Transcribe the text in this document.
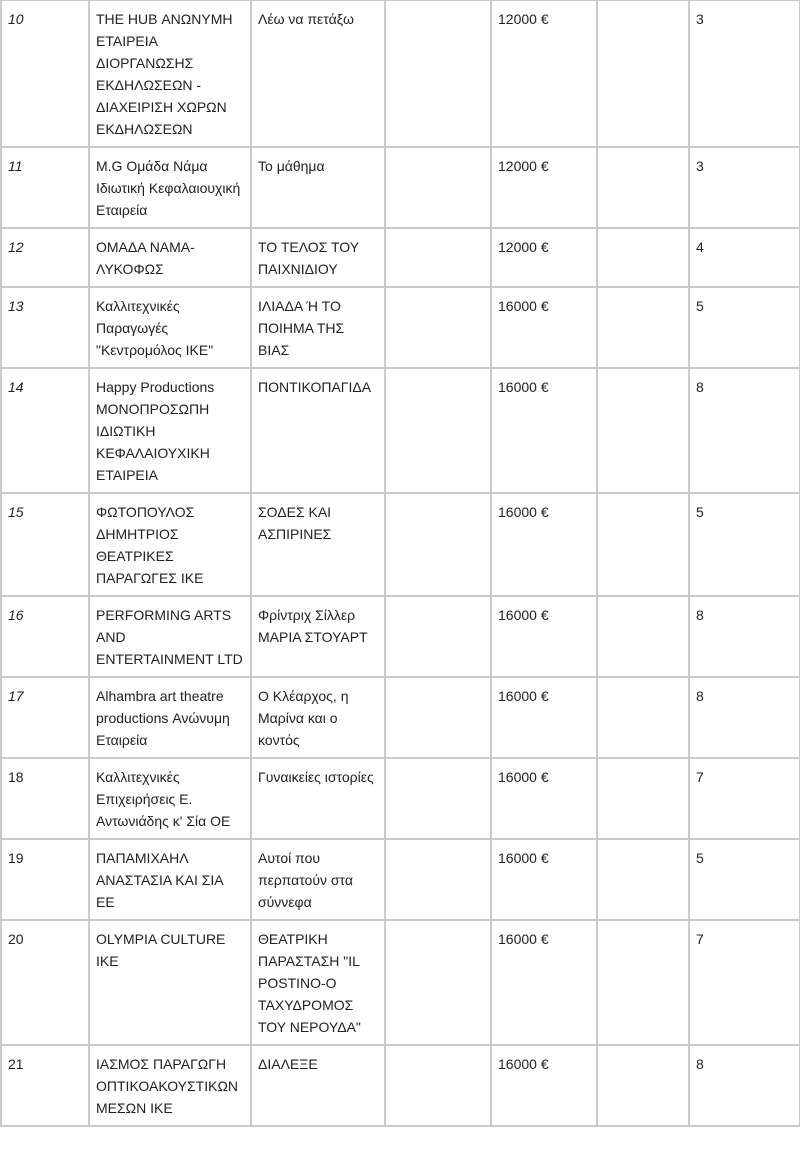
10	THE HUB ΑΝΩΝΥΜΗ ΕΤΑΙΡΕΙΑ ΔΙΟΡΓΑΝΩΣΗΣ ΕΚΔΗΛΩΣΕΩΝ - ΔΙΑΧΕΙΡΙΣΗ ΧΩΡΩΝ ΕΚΔΗΛΩΣΕΩΝ	Λέω να πετάξω		12000 €		3
11	M.G Ομάδα Νάμα Ιδιωτική Κεφαλαιουχική Εταιρεία	Το μάθημα		12000 €		3
12	ΟΜΑΔΑ ΝΑΜΑ-ΛΥΚΟΦΩΣ	ΤΟ ΤΕΛΟΣ ΤΟΥ ΠΑΙΧΝΙΔΙΟΥ		12000 €		4
13	Καλλιτεχνικές Παραγωγές "Κεντρομόλος ΙΚΕ"	ΙΛΙΑΔΑ Ή ΤΟ ΠΟΙΗΜΑ ΤΗΣ ΒΙΑΣ		16000 €		5
14	Happy Productions ΜΟΝΟΠΡΟΣΩΠΗ ΙΔΙΩΤΙΚΗ ΚΕΦΑΛΑΙΟΥΧΙΚΗ ΕΤΑΙΡΕΙΑ	ΠΟΝΤΙΚΟΠΑΓΙΔΑ		16000 €		8
15	ΦΩΤΟΠΟΥΛΟΣ ΔΗΜΗΤΡΙΟΣ ΘΕΑΤΡΙΚΕΣ ΠΑΡΑΓΩΓΕΣ ΙΚΕ	ΣΟΔΕΣ ΚΑΙ ΑΣΠΙΡΙΝΕΣ		16000 €		5
16	PERFORMING ARTS AND ENTERTAINMENT LTD	Φρίντριχ Σίλλερ ΜΑΡΙΑ ΣΤΟΥΑΡΤ		16000 €		8
17	Alhambra art theatre productions Ανώνυμη Εταιρεία	Ο Κλέαρχος, η Μαρίνα και ο κοντός		16000 €		8
18	Καλλιτεχνικές Επιχειρήσεις Ε. Αντωνιάδης κ' Σία ΟΕ	Γυναικείες ιστορίες		16000 €		7
19	ΠΑΠΑΜΙΧΑΗΛ ΑΝΑΣΤΑΣΙΑ ΚΑΙ ΣΙΑ ΕΕ	Αυτοί που περπατούν στα σύννεφα		16000 €		5
20	OLYMPIA CULTURE IKE	ΘΕΑΤΡΙΚΗ ΠΑΡΑΣΤΑΣΗ "IL POSTINO-Ο ΤΑΧΥΔΡΟΜΟΣ ΤΟΥ ΝΕΡΟΥΔΑ"		16000 €		7
21	ΙΑΣΜΟΣ ΠΑΡΑΓΩΓΗ ΟΠΤΙΚΟΑΚΟΥΣΤΙΚΩΝ ΜΕΣΩΝ ΙΚΕ	ΔΙΑΛΕΞΕ		16000 €		8
